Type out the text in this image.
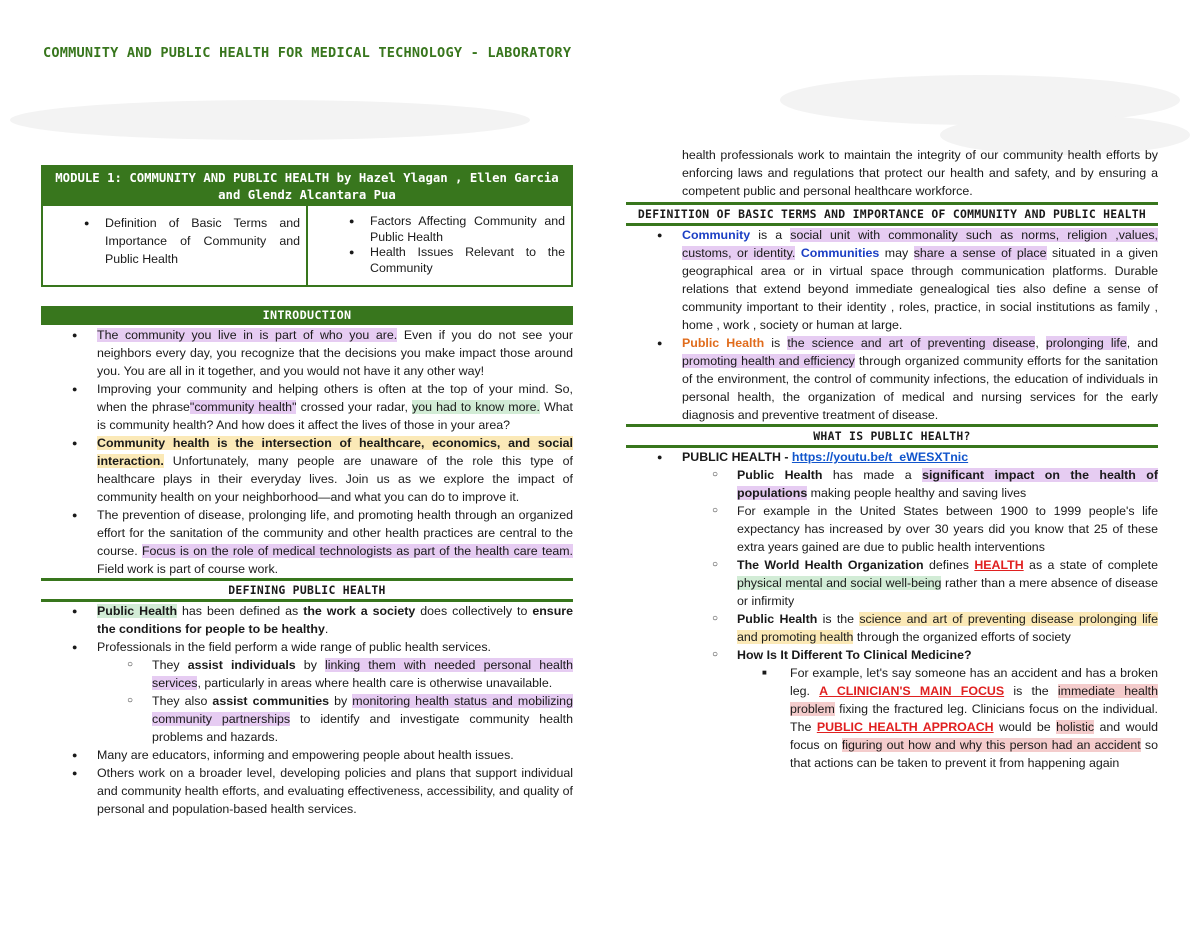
COMMUNITY AND PUBLIC HEALTH FOR MEDICAL TECHNOLOGY - LABORATORY
MODULE 1: COMMUNITY AND PUBLIC HEALTH by Hazel Ylagan , Ellen Garcia and Glendz Alcantara Pua
● Definition of Basic Terms and Importance of Community and Public Health
● Factors Affecting Community and Public Health
● Health Issues Relevant to the Community
INTRODUCTION
● The community you live in is part of who you are. Even if you do not see your neighbors every day, you recognize that the decisions you make impact those around you. You are all in it together, and you would not have it any other way!
● Improving your community and helping others is often at the top of your mind. So, when the phrase"community health" crossed your radar, you had to know more. What is community health? And how does it affect the lives of those in your area?
● Community health is the intersection of healthcare, economics, and social interaction. Unfortunately, many people are unaware of the role this type of healthcare plays in their everyday lives. Join us as we explore the impact of community health on your neighborhood—and what you can do to improve it.
● The prevention of disease, prolonging life, and promoting health through an organized effort for the sanitation of the community and other health practices are central to the course. Focus is on the role of medical technologists as part of the health care team. Field work is part of course work.
DEFINING PUBLIC HEALTH
● Public Health has been defined as the work a society does collectively to ensure the conditions for people to be healthy.
● Professionals in the field perform a wide range of public health services.
○ They assist individuals by linking them with needed personal health services, particularly in areas where health care is otherwise unavailable.
○ They also assist communities by monitoring health status and mobilizing community partnerships to identify and investigate community health problems and hazards.
● Many are educators, informing and empowering people about health issues.
● Others work on a broader level, developing policies and plans that support individual and community health efforts, and evaluating effectiveness, accessibility, and quality of personal and population-based health services.
health professionals work to maintain the integrity of our community health efforts by enforcing laws and regulations that protect our health and safety, and by ensuring a competent public and personal healthcare workforce.
DEFINITION OF BASIC TERMS AND IMPORTANCE OF COMMUNITY AND PUBLIC HEALTH
● Community is a social unit with commonality such as norms, religion ,values, customs, or identity. Communities may share a sense of place situated in a given geographical area or in virtual space through communication platforms. Durable relations that extend beyond immediate genealogical ties also define a sense of community important to their identity , roles, practice, in social institutions as family , home , work , society or human at large.
● Public Health is the science and art of preventing disease, prolonging life, and promoting health and efficiency through organized community efforts for the sanitation of the environment, the control of community infections, the education of individuals in personal health, the organization of medical and nursing services for the early diagnosis and preventive treatment of disease.
WHAT IS PUBLIC HEALTH?
● PUBLIC HEALTH - https://youtu.be/t_eWESXTnic
○ Public Health has made a significant impact on the health of populations making people healthy and saving lives
○ For example in the United States between 1900 to 1999 people's life expectancy has increased by over 30 years did you know that 25 of these extra years gained are due to public health interventions
○ The World Health Organization defines HEALTH as a state of complete physical mental and social well-being rather than a mere absence of disease or infirmity
○ Public Health is the science and art of preventing disease prolonging life and promoting health through the organized efforts of society
○ How Is It Different To Clinical Medicine?
■ For example, let's say someone has an accident and has a broken leg. A CLINICIAN'S MAIN FOCUS is the immediate health problem fixing the fractured leg. Clinicians focus on the individual. The PUBLIC HEALTH APPROACH would be holistic and would focus on figuring out how and why this person had an accident so that actions can be taken to prevent it from happening again
